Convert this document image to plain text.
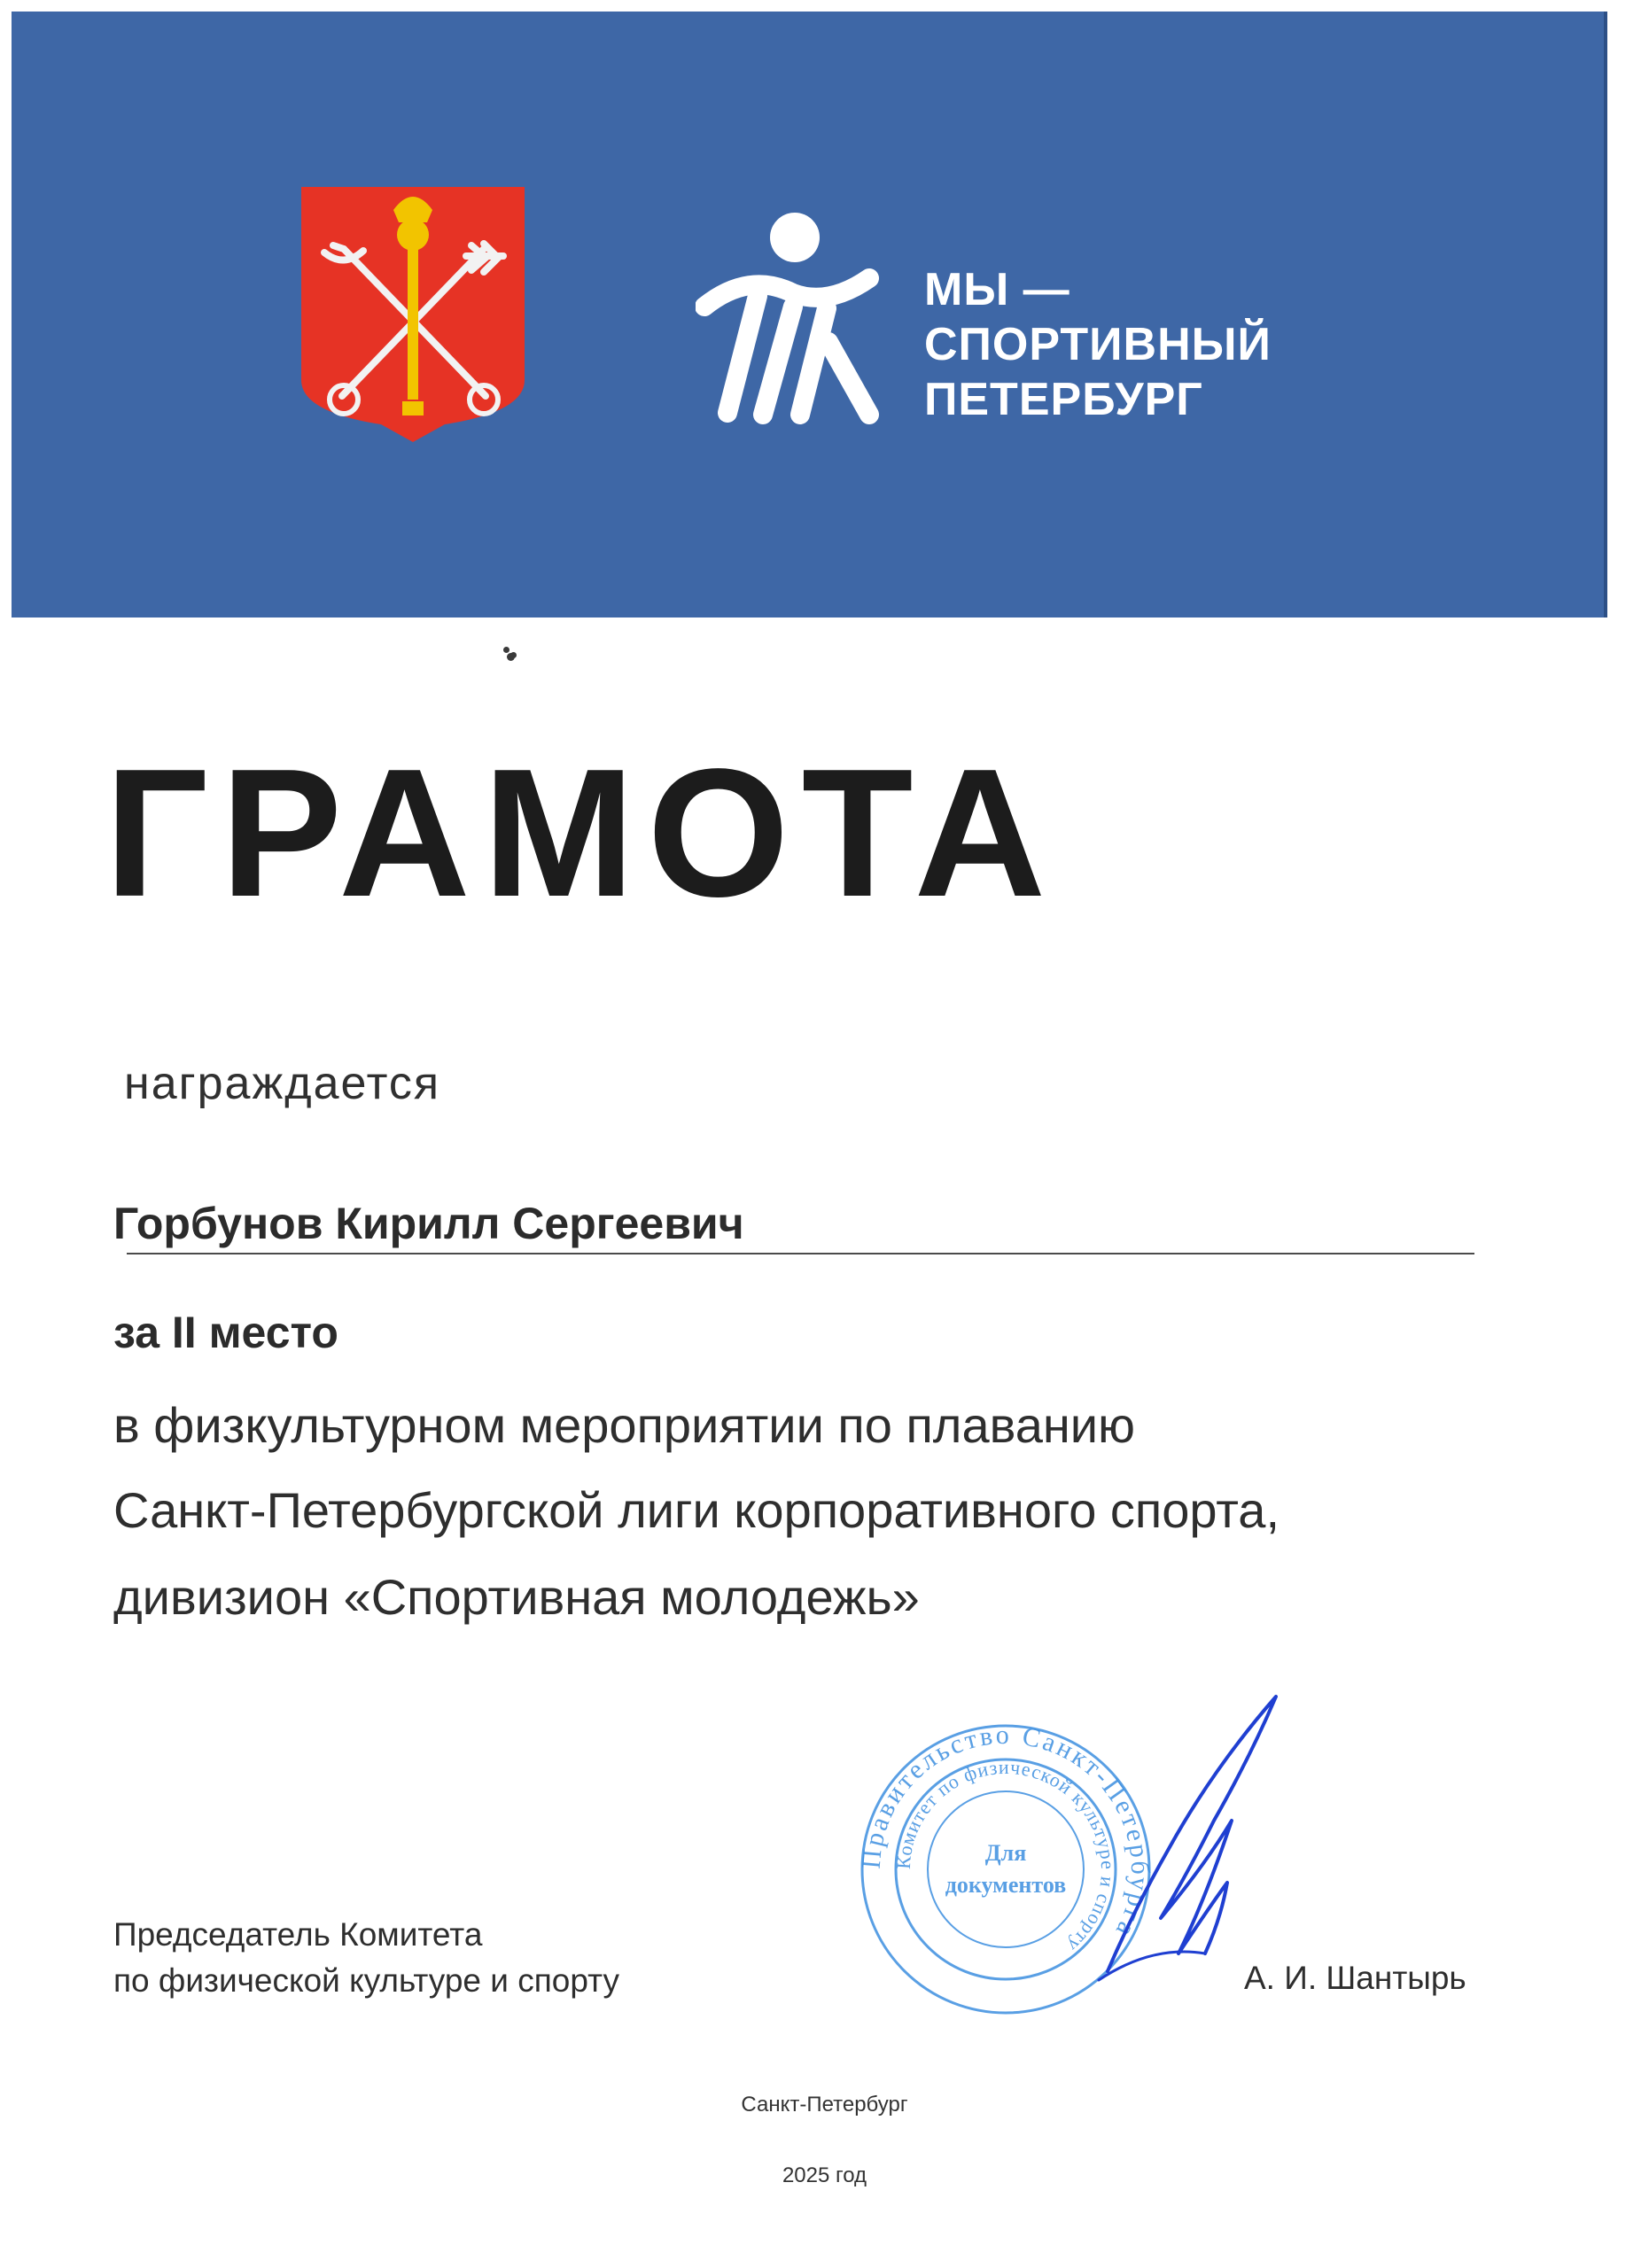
МЫ —
СПОРТИВНЫЙ
ПЕТЕРБУРГ
ГРАМОТА
награждается
Горбунов Кирилл Сергеевич
за II место
в физкультурном мероприятии по плаванию
Санкт-Петербургской лиги корпоративного спорта,
дивизион «Спортивная молодежь»
Председатель Комитета
по физической культуре и спорту
Правительство Санкт-Петербурга
Комитет по физической культуре и спорту
Для
документов
А. И. Шантырь
Санкт-Петербург
2025 год
